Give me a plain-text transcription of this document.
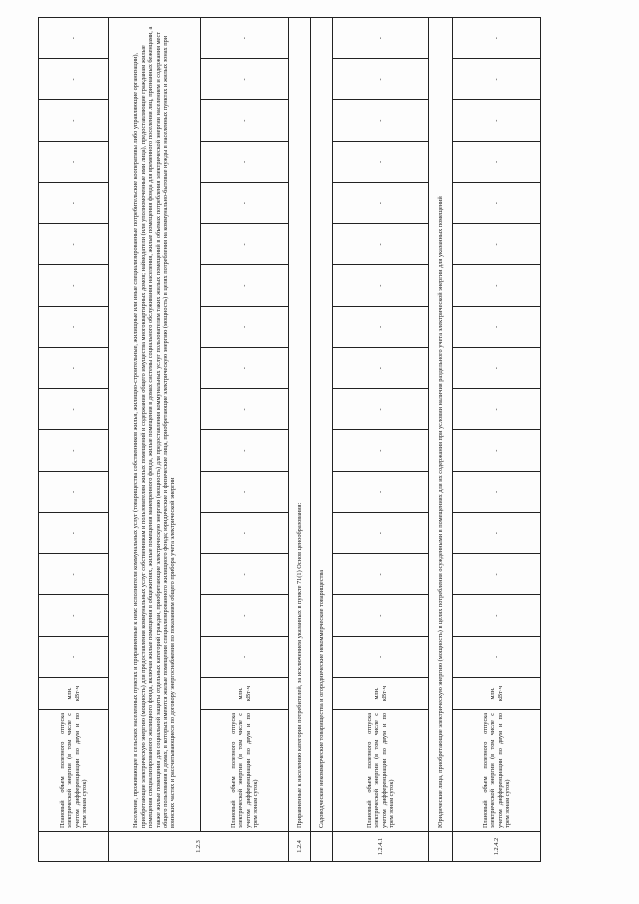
	Плановый объем полезного отпуска электрической энергии (в том числе с учетом дифференциации по двум и по трем зонам суток)	млн. кВт·ч	-	-	-	-	-	-	-	-	-	-	-	-	-	-	-	-
1.2.3	Население, проживающее в сельских населенных пунктах и приравненные к ним: исполнители коммунальных услуг (товарищества собственников жилья, жилищно-строительные, жилищные или иные специализированные потребительские кооперативы либо управляющие организации), приобретающие электрическую энергию (мощность) для предоставления коммунальных услуг собственникам и пользователям жилых помещений и содержания общего имущества многоквартирных домов; наймодатели (или уполномоченные ими лица), предоставляющие гражданам жилые помещения специализированного жилищного фонда, включая жилые помещения в общежитиях, жилые помещения маневренного фонда, жилые помещения в домах системы социального обслуживания населения, жилые помещения фонда для временного поселения лиц, признанных беженцами, а также жилые помещения для социальной защиты отдельных категорий граждан, приобретающие электрическую энергию (мощность) для предоставления коммунальных услуг пользователям таких жилых помещений в объемах потребления электрической энергии населением и содержания мест общего пользования в домах, в которых имеются жилые помещения специализированного жилищного фонда; юридические и физические лица, приобретающие электрическую энергию (мощность) в целях потребления на коммунально-бытовые нужды в населенных пунктах и жилых зонах при воинских частях и рассчитывающиеся по договору энергоснабжения по показаниям общего прибора учета электрической энергии																	
	Плановый объем полезного отпуска электрической энергии (в том числе с учетом дифференциации по двум и по трем зонам суток)	млн. кВт·ч	-	-	-	-	-	-	-	-	-	-	-	-	-	-	-	-
1.2.4	Приравненные к населению категории потребителей, за исключением указанных в пункте 71(1) Основ ценообразования:																	
	Садоводческие некоммерческие товарищества и огороднические некоммерческие товарищества																	
1.2.4.1	Плановый объем полезного отпуска электрической энергии (в том числе с учетом дифференциации по двум и по трем зонам суток)	млн. кВт·ч	-	-	-	-	-	-	-	-	-	-	-	-	-	-	-	-
	Юридические лица, приобретающие электрическую энергию (мощность) в целях потребления осужденными в помещениях для их содержания при условии наличия раздельного учета электрической энергии для указанных помещений																	
1.2.4.2	Плановый объем полезного отпуска электрической энергии (в том числе с учетом дифференциации по двум и по трем зонам суток)	млн. кВт·ч	-	-	-	-	-	-	-	-	-	-	-	-	-	-	-	-
